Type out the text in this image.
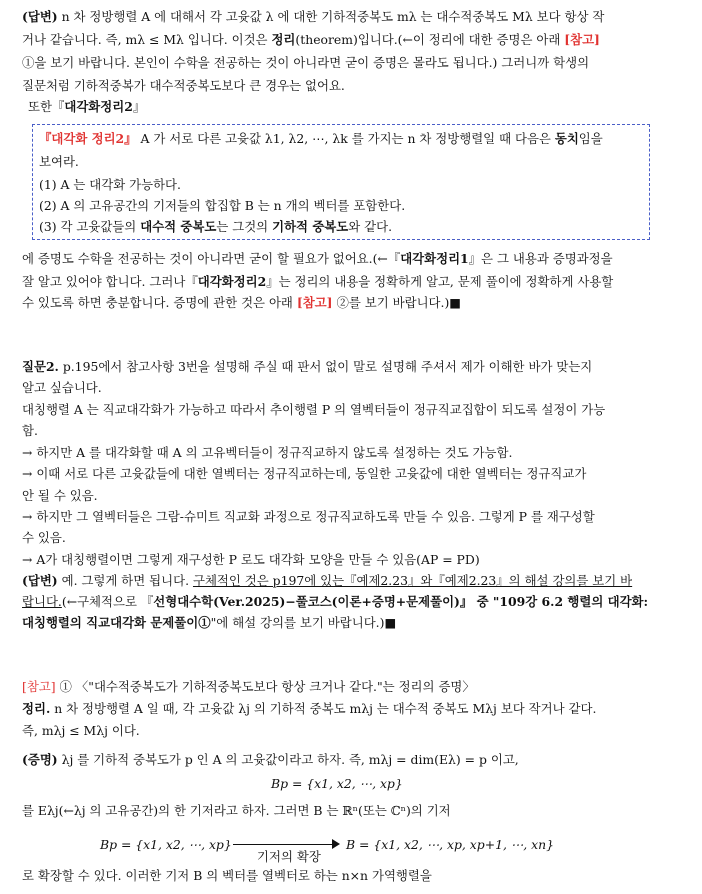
(답변) n 차 정방행렬 A 에 대해서 각 고윳값 λ 에 대한 기하적중복도 mλ 는 대수적중복도 Mλ 보다 항상 작
거나 같습니다. 즉, mλ ≤ Mλ 입니다. 이것은 정리(theorem)입니다.(←이 정리에 대한 증명은 아래 [참고]
①을 보기 바랍니다. 본인이 수학을 전공하는 것이 아니라면 굳이 증명은 몰라도 됩니다.) 그러니까 학생의
질문처럼 기하적중복가 대수적중복도보다 큰 경우는 없어요.
또한『대각화정리2』
『대각화 정리2』 A 가 서로 다른 고윳값 λ1, λ2, ⋯, λk 를 가지는 n 차 정방행렬일 때 다음은 동치임을
보여라.
(1) A 는 대각화 가능하다.
(2) A 의 고유공간의 기저들의 합집합 B 는 n 개의 벡터를 포함한다.
(3) 각 고윳값들의 대수적 중복도는 그것의 기하적 중복도와 같다.
에 증명도 수학을 전공하는 것이 아니라면 굳이 할 필요가 없어요.(←『대각화정리1』은 그 내용과 증명과정을
잘 알고 있어야 합니다. 그러나『대각화정리2』는 정리의 내용을 정확하게 알고, 문제 풀이에 정확하게 사용할
수 있도록 하면 충분합니다. 증명에 관한 것은 아래 [참고] ②를 보기 바랍니다.)■
질문2. p.195에서 참고사항 3번을 설명해 주실 때 판서 없이 말로 설명해 주셔서 제가 이해한 바가 맞는지
알고 싶습니다.
대칭행렬 A 는 직교대각화가 가능하고 따라서 추이행렬 P 의 열벡터들이 정규직교집합이 되도록 설정이 가능
함.
→ 하지만 A 를 대각화할 때 A 의 고유벡터들이 정규직교하지 않도록 설정하는 것도 가능함.
→ 이때 서로 다른 고윳값들에 대한 열벡터는 정규직교하는데, 동일한 고윳값에 대한 열벡터는 정규직교가
안 될 수 있음.
→ 하지만 그 열벡터들은 그람-슈미트 직교화 과정으로 정규직교하도록 만들 수 있음. 그렇게 P 를 재구성할
수 있음.
→ A가 대칭행렬이면 그렇게 재구성한 P 로도 대각화 모양을 만들 수 있음(AP = PD)
(답변) 예. 그렇게 하면 됩니다. 구체적인 것은 p197에 있는『예제2.23』와『예제2.23』의 해설 강의를 보기 바
랍니다.(←구체적으로 『선형대수학(Ver.2025)−풀코스(이론+증명+문제풀이)』 중 "109강 6.2 행렬의 대각화:
대칭행렬의 직교대각화 문제풀이①"에 해설 강의를 보기 바랍니다.)■
[참고] ① 〈"대수적중복도가 기하적중복도보다 항상 크거나 같다."는 정리의 증명〉
정리. n 차 정방행렬 A 일 때, 각 고윳값 λj 의 기하적 중복도 mλj 는 대수적 중복도 Mλj 보다 작거나 같다.
즉, mλj ≤ Mλj 이다.
(증명) λj 를 기하적 중복도가 p 인 A 의 고윳값이라고 하자. 즉, mλj = dim(Eλ) = p 이고,
Bp = {x1, x2, ⋯, xp}
를 Eλj(←λj 의 고유공간)의 한 기저라고 하자. 그러면 B 는 ℝⁿ(또는 ℂⁿ)의 기저
Bp = {x1, x2, ⋯, xp}
기저의 확장
B = {x1, x2, ⋯, xp, xp+1, ⋯, xn}
로 확장할 수 있다. 이러한 기저 B 의 벡터를 열벡터로 하는 n×n 가역행렬을
